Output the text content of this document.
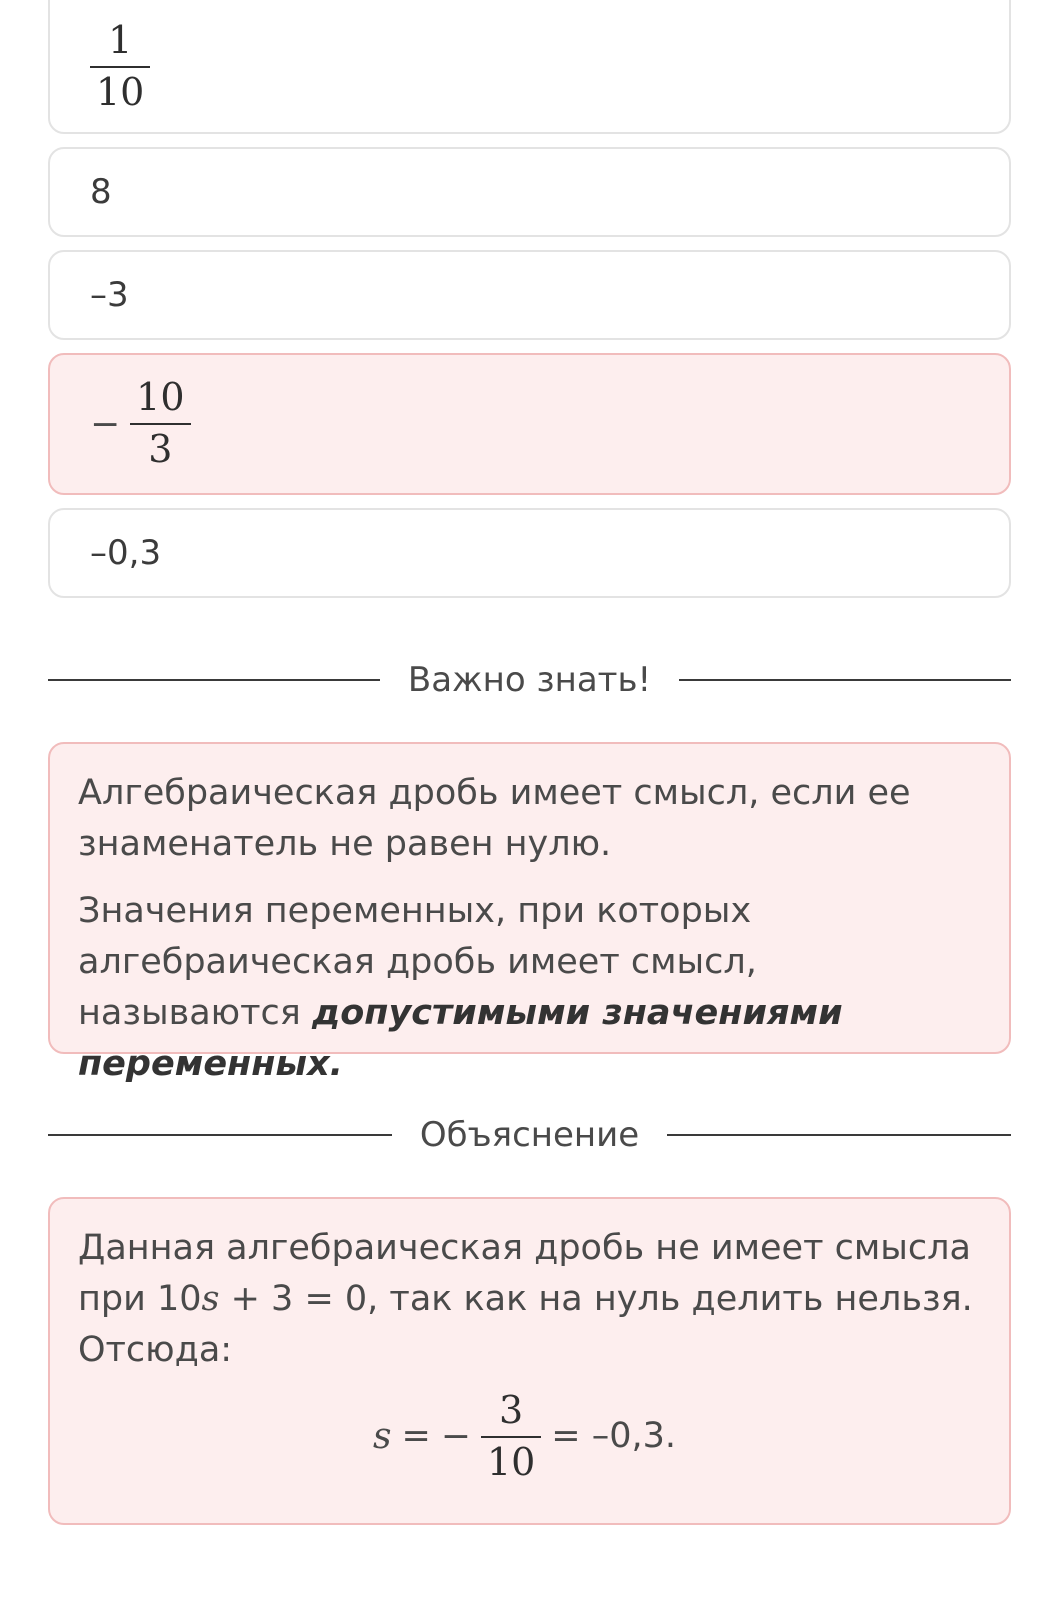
$\frac{1}{10}$
8
–3
− $\frac{10}{3}$
–0,3
Важно знать!

Алгебраическая дробь имеет смысл, если ее знаменатель не равен нулю.

Значения переменных, при которых алгебраическая дробь имеет смысл, называются допустимыми значениями переменных.

Объяснение

Данная алгебраическая дробь не имеет смысла при 10s + 3 = 0, так как на нуль делить нельзя. Отсюда:

s = − $\frac{3}{10} = -0,3$.
